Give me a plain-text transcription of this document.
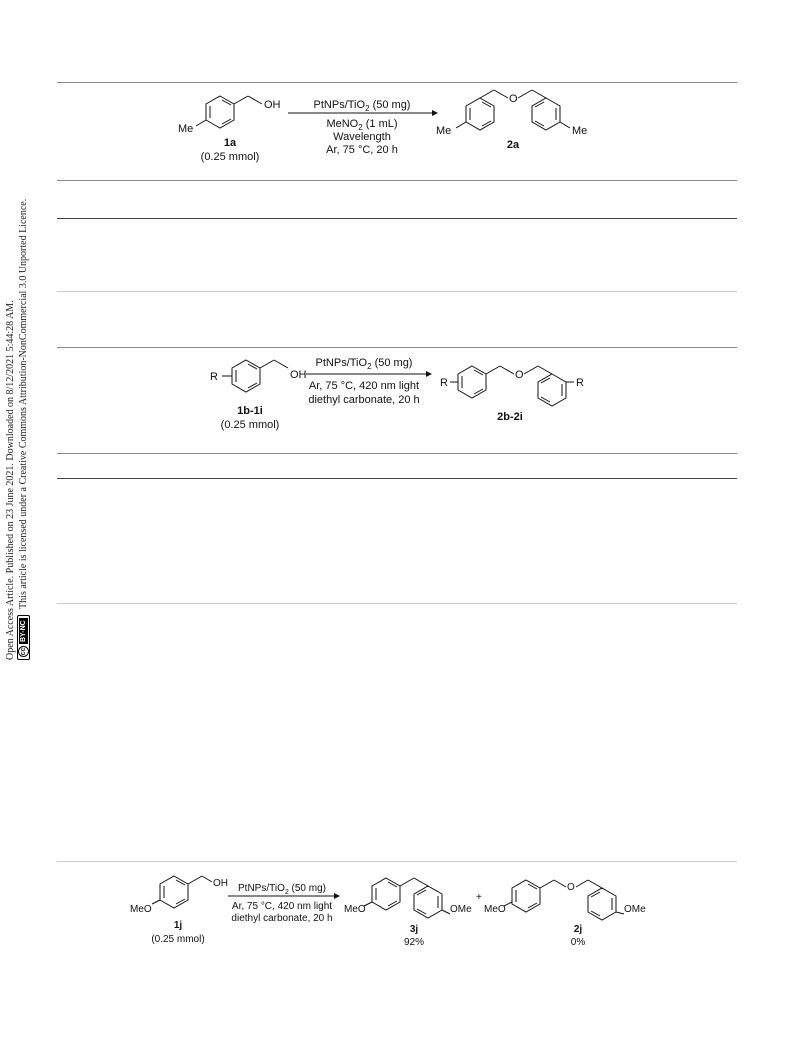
Open Access Article. Published on 23 June 2021. Downloaded on 8/12/2021 5:44:28 AM. cc BY-NC This article is licensed under a Creative Commons Attribution-NonCommercial 3.0 Unported Licence.
OH
Me
1a
(0.25 mmol)
PtNPs/TiO$_2$ (50 mg)
MeNO$_2$ (1 mL)
Wavelength
Ar, 75 °C, 20 h
O
Me	Me
2a
OH
R
1b-1i
(0.25 mmol)
PtNPs/TiO$_2$ (50 mg)
Ar, 75 °C, 420 nm light
diethyl carbonate, 20 h
R
O
R
2b-2i
OH
MeO
1j
(0.25 mmol)
PtNPs/TiO$_2$ (50 mg)
Ar, 75 °C, 420 nm light
diethyl carbonate, 20 h
MeO	OMe
3j
92%
+
MeO
O
OMe
2j
0%
